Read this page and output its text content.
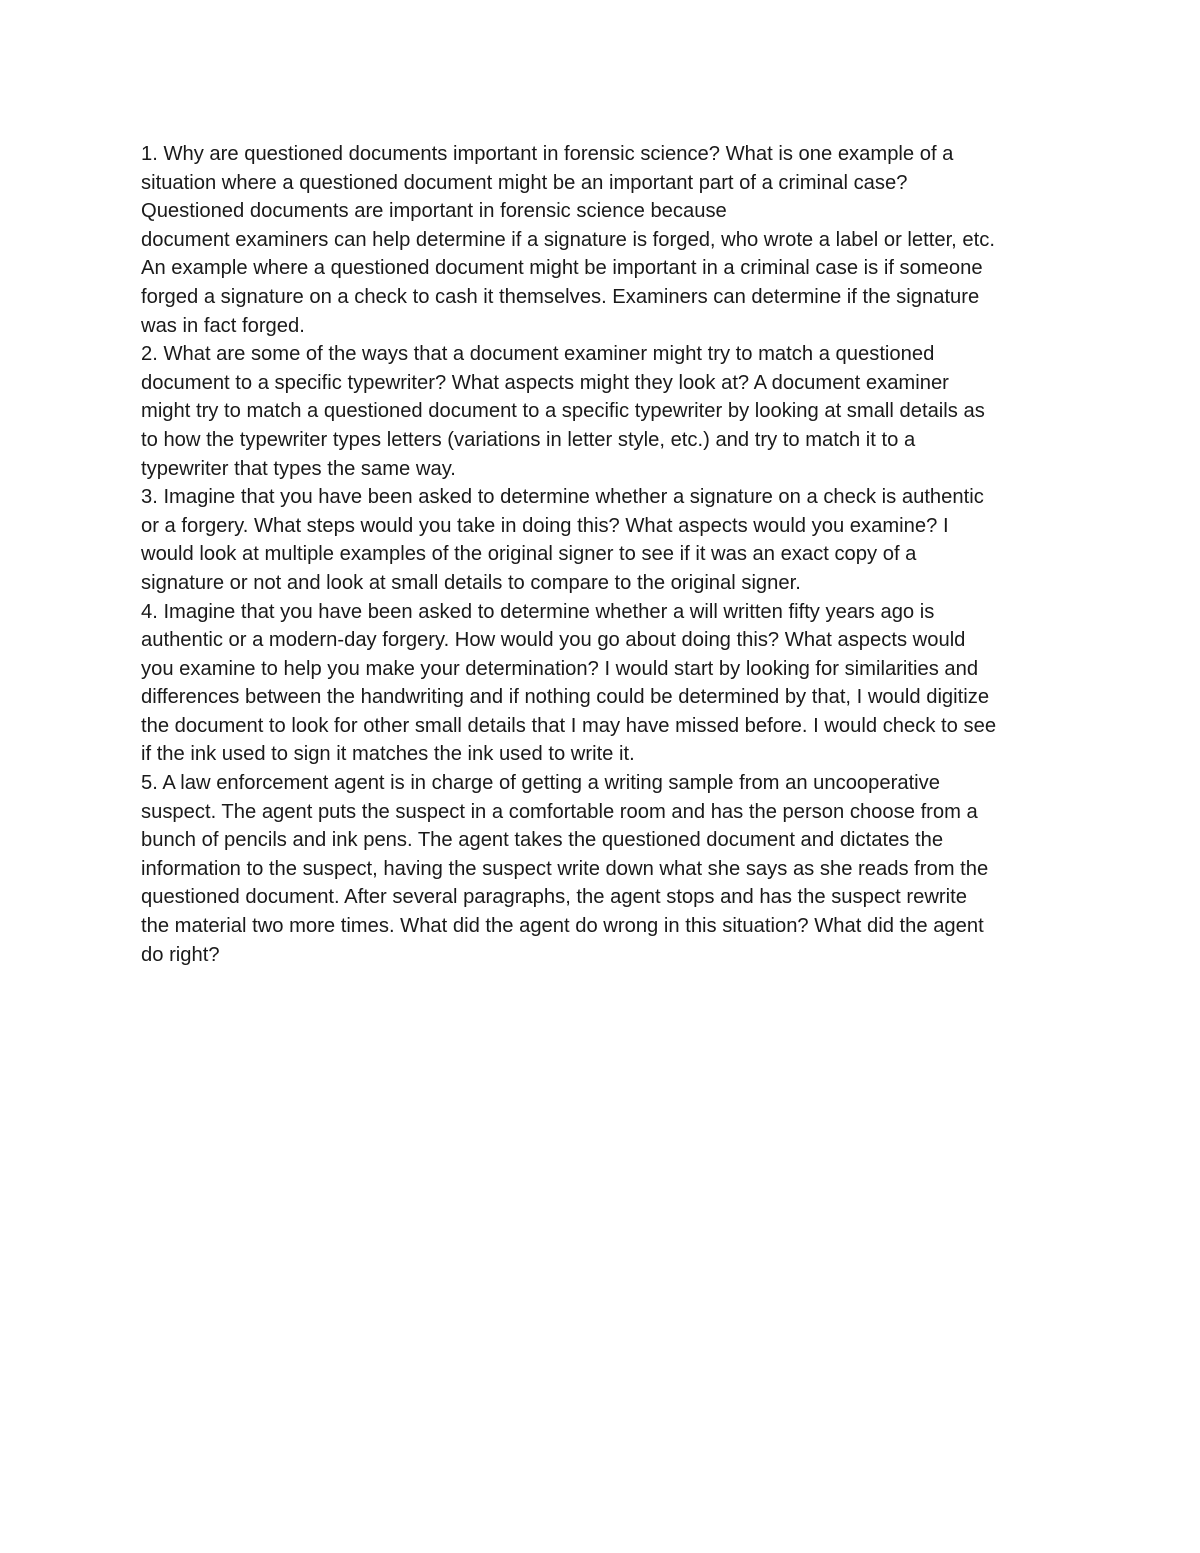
1. Why are questioned documents important in forensic science? What is one example of a
situation where a questioned document might be an important part of a criminal case?
Questioned documents are important in forensic science because
document examiners can help determine if a signature is forged, who wrote a label or letter, etc.
An example where a questioned document might be important in a criminal case is if someone
forged a signature on a check to cash it themselves. Examiners can determine if the signature
was in fact forged.
2. What are some of the ways that a document examiner might try to match a questioned
document to a specific typewriter? What aspects might they look at? A document examiner
might try to match a questioned document to a specific typewriter by looking at small details as
to how the typewriter types letters (variations in letter style, etc.) and try to match it to a
typewriter that types the same way.
3. Imagine that you have been asked to determine whether a signature on a check is authentic
or a forgery. What steps would you take in doing this? What aspects would you examine? I
would look at multiple examples of the original signer to see if it was an exact copy of a
signature or not and look at small details to compare to the original signer.
4. Imagine that you have been asked to determine whether a will written fifty years ago is
authentic or a modern-day forgery. How would you go about doing this? What aspects would
you examine to help you make your determination? I would start by looking for similarities and
differences between the handwriting and if nothing could be determined by that, I would digitize
the document to look for other small details that I may have missed before. I would check to see
if the ink used to sign it matches the ink used to write it.
5. A law enforcement agent is in charge of getting a writing sample from an uncooperative
suspect. The agent puts the suspect in a comfortable room and has the person choose from a
bunch of pencils and ink pens. The agent takes the questioned document and dictates the
information to the suspect, having the suspect write down what she says as she reads from the
questioned document. After several paragraphs, the agent stops and has the suspect rewrite
the material two more times. What did the agent do wrong in this situation? What did the agent
do right?
